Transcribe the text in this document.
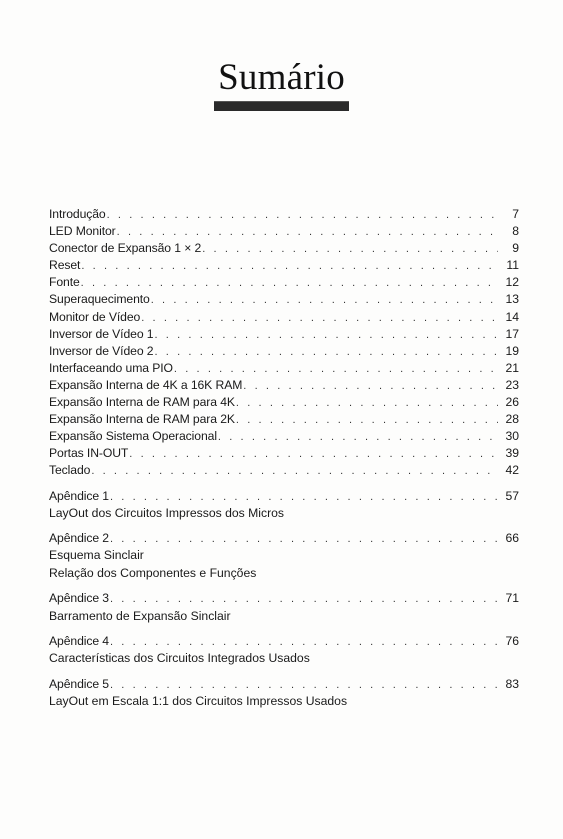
Sumário
Introdução . . .	7
LED Monitor . . .	8
Conector de Expansão 1 × 2 . . .	9
Reset . . .	11
Fonte . . .	12
Superaquecimento . . .	13
Monitor de Vídeo . . .	14
Inversor de Vídeo 1 . . .	17
Inversor de Vídeo 2 . . .	19
Interfaceando uma PIO . . .	21
Expansão Interna de 4K a 16K RAM . . .	23
Expansão Interna de RAM para 4K . . .	26
Expansão Interna de RAM para 2K . . .	28
Expansão Sistema Operacional . . .	30
Portas IN-OUT . . .	39
Teclado . . .	42
Apêndice 1 . . .	57
LayOut dos Circuitos Impressos dos Micros
Apêndice 2 . . .	66
Esquema Sinclair
Relação dos Componentes e Funções
Apêndice 3 . . .	71
Barramento de Expansão Sinclair
Apêndice 4 . . .	76
Características dos Circuitos Integrados Usados
Apêndice 5 . . .	83
LayOut em Escala 1:1 dos Circuitos Impressos Usados
